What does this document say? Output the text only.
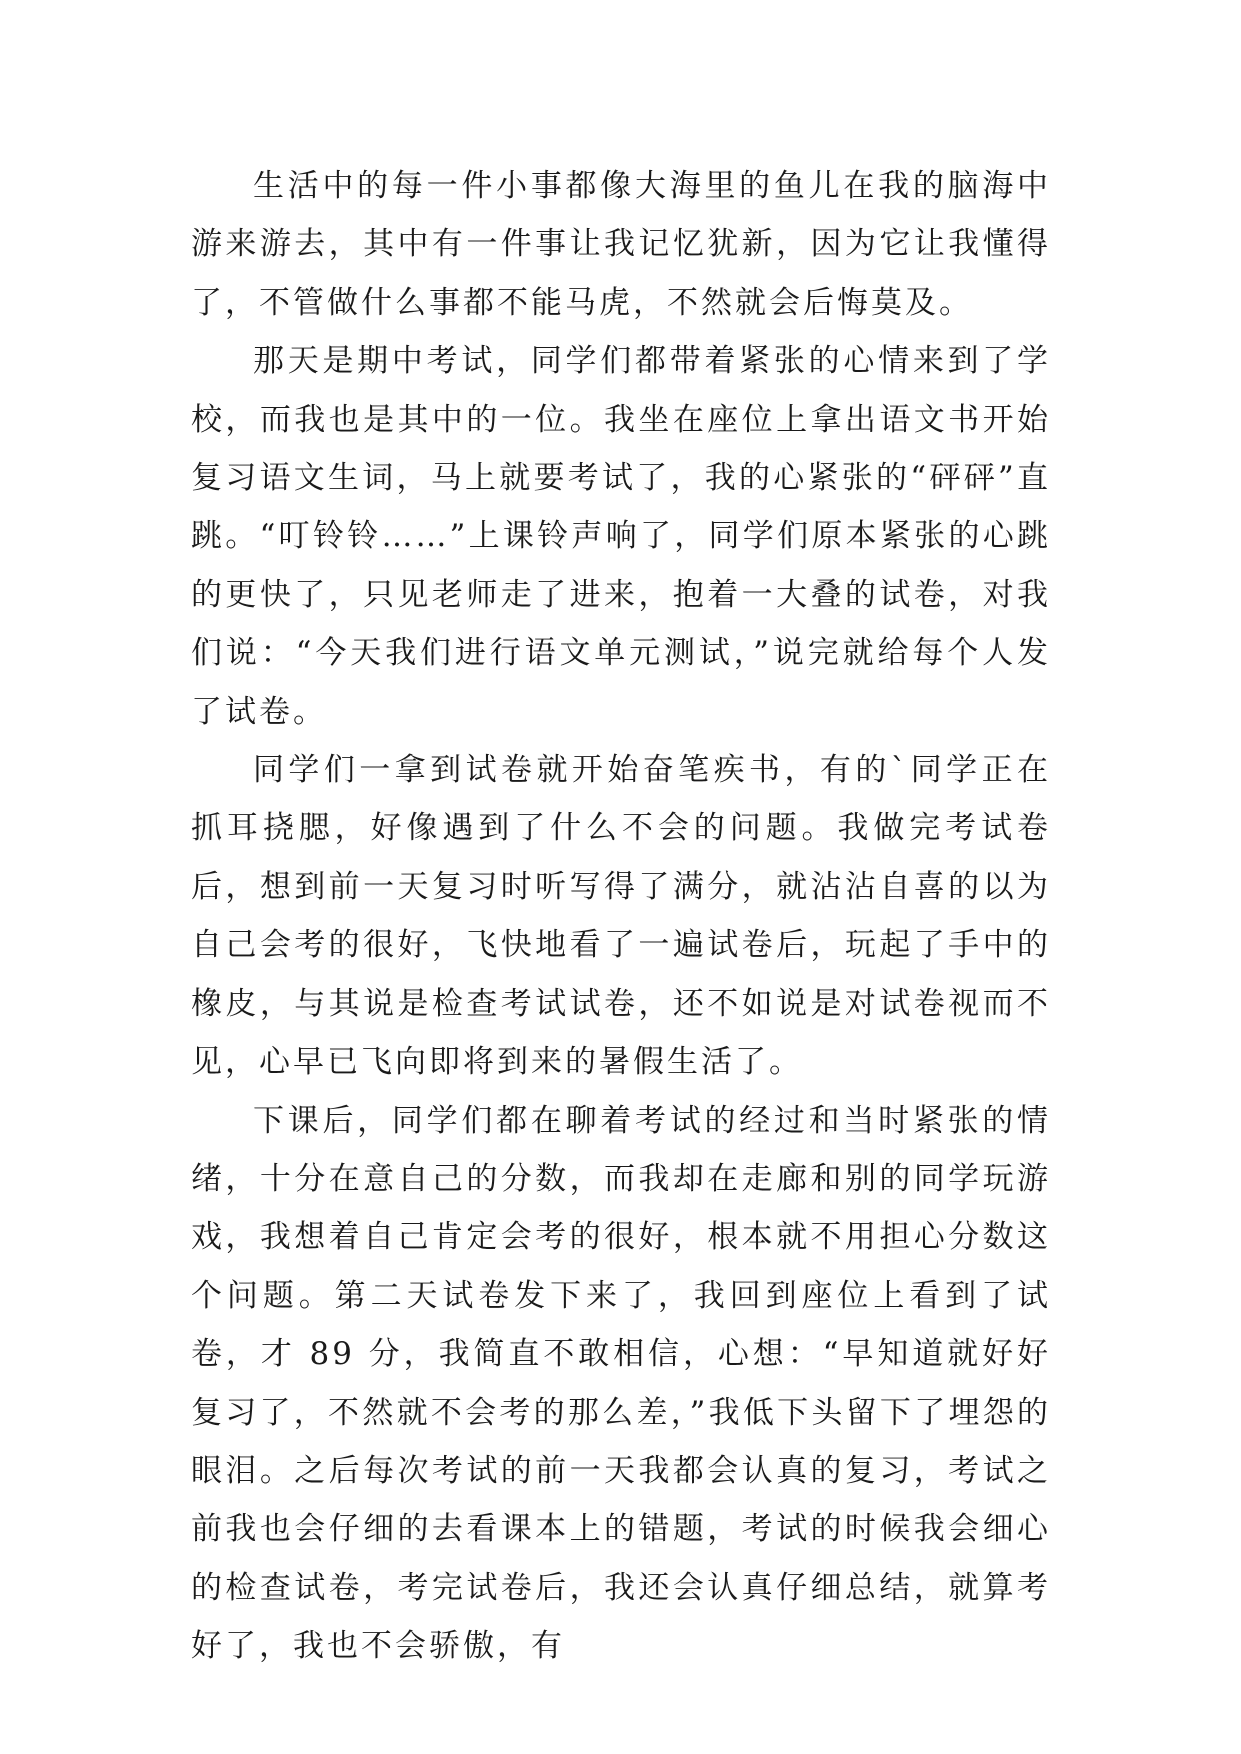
生活中的每一件小事都像大海里的鱼儿在我的脑海中游来游去，其中有一件事让我记忆犹新，因为它让我懂得了，不管做什么事都不能马虎，不然就会后悔莫及。

那天是期中考试，同学们都带着紧张的心情来到了学校，而我也是其中的一位。我坐在座位上拿出语文书开始复习语文生词，马上就要考试了，我的心紧张的“砰砰”直跳。“叮铃铃……”上课铃声响了，同学们原本紧张的心跳的更快了，只见老师走了进来，抱着一大叠的试卷，对我们说：“今天我们进行语文单元测试，”说完就给每个人发了试卷。

同学们一拿到试卷就开始奋笔疾书，有的`同学正在抓耳挠腮，好像遇到了什么不会的问题。我做完考试卷后，想到前一天复习时听写得了满分，就沾沾自喜的以为自己会考的很好，飞快地看了一遍试卷后，玩起了手中的橡皮，与其说是检查考试试卷，还不如说是对试卷视而不见，心早已飞向即将到来的暑假生活了。

下课后，同学们都在聊着考试的经过和当时紧张的情绪，十分在意自己的分数，而我却在走廊和别的同学玩游戏，我想着自己肯定会考的很好，根本就不用担心分数这个问题。第二天试卷发下来了，我回到座位上看到了试卷，才 89 分，我简直不敢相信，心想：“早知道就好好复习了，不然就不会考的那么差，”我低下头留下了埋怨的眼泪。之后每次考试的前一天我都会认真的复习，考试之前我也会仔细的去看课本上的错题，考试的时候我会细心的检查试卷，考完试卷后，我还会认真仔细总结，就算考好了，我也不会骄傲，有
